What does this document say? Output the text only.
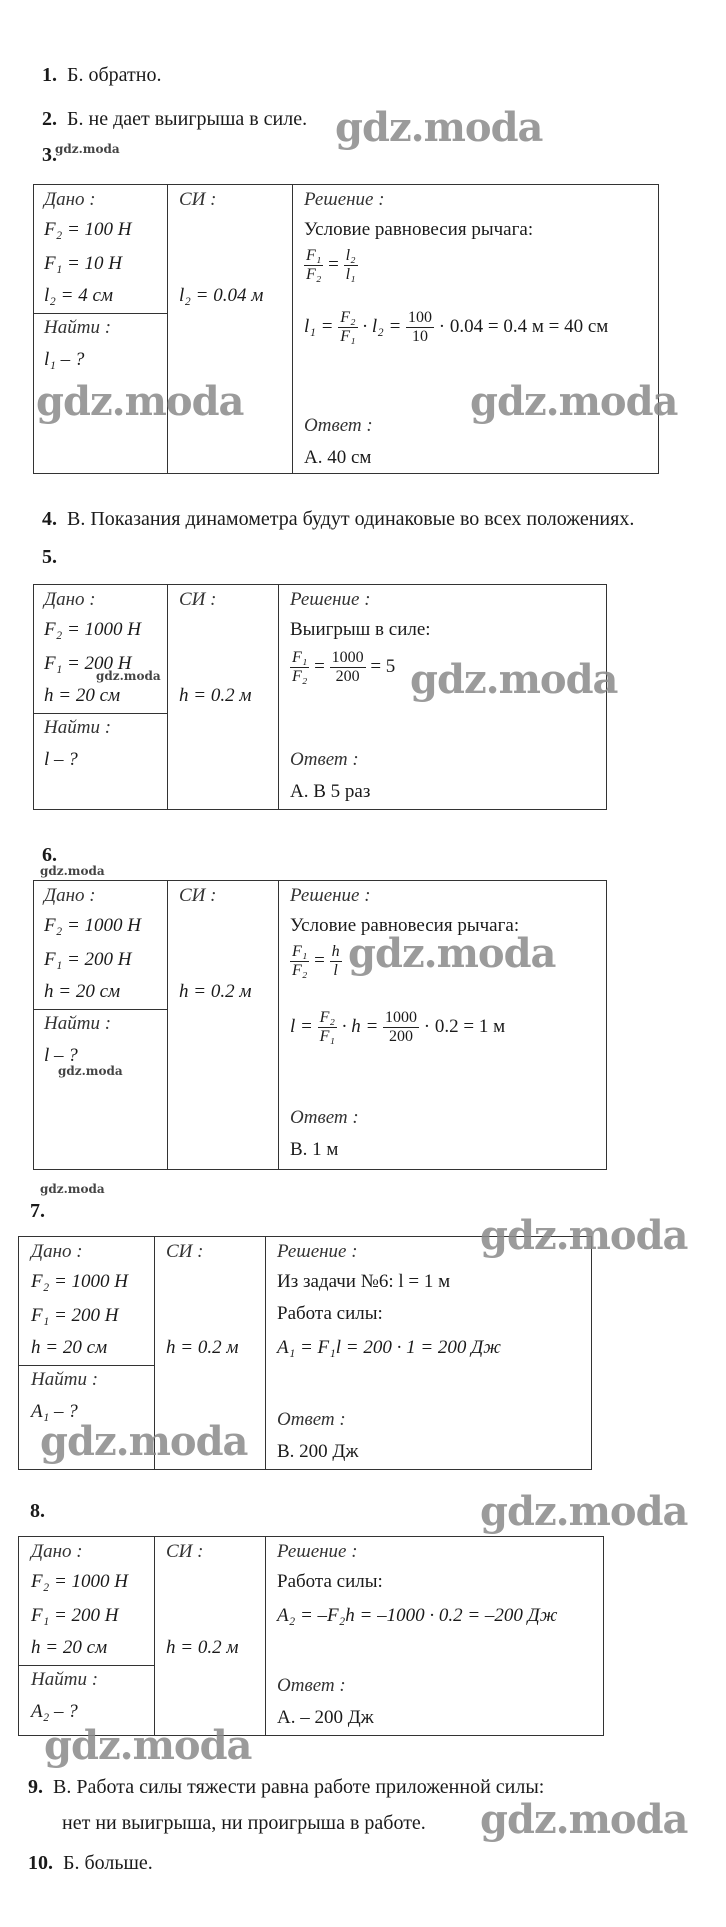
1. Б. обратно.
2. Б. не дает выигрыша в силе.
3.
Дано :
F₂ = 100 Н
F₁ = 10 Н
l₂ = 4 см
Найти :
l₁ – ?
СИ :
l₂ = 0.04 м
Решение :
Условие равновесия рычага:
$\frac{\text{F₁}}{\text{F₂}} = \frac{\text{l₂}}{\text{l₁}}$
$l_1 = \frac{\text{F₂}}{\text{F₁}} \cdot l_2 = \frac{100}{10} \cdot 0.04 = 0.4$ м = 40 см
Ответ :
А. 40 см
4. В. Показания динамометра будут одинаковые во всех положениях.
5.
Дано :
F₂ = 1000 Н
F₁ = 200 Н
h = 20 см
Найти :
l – ?
СИ :
h = 0.2 м
Решение :
Выигрыш в силе:
$\frac{\text{F₁}}{\text{F₂}} = \frac{1000}{200} = 5$
Ответ :
А. В 5 раз
6.
Дано :
F₂ = 1000 Н
F₁ = 200 Н
h = 20 см
Найти :
l – ?
СИ :
h = 0.2 м
Решение :
Условие равновесия рычага:
$\frac{\text{F₁}}{\text{F₂}} = \frac{h}{l}$
$l = \frac{\text{F₂}}{\text{F₁}} \cdot h = \frac{1000}{200} \cdot 0.2 = 1$ м
Ответ :
В. 1 м
7.
Дано :
F₂ = 1000 Н
F₁ = 200 Н
h = 20 см
Найти :
A₁ – ?
СИ :
h = 0.2 м
Решение :
Из задачи №6: l = 1 м
Работа силы:
A₁ = F₁l = 200 · 1 = 200 Дж
Ответ :
В. 200 Дж
8.
Дано :
F₂ = 1000 Н
F₁ = 200 Н
h = 20 см
Найти :
A₂ – ?
СИ :
h = 0.2 м
Решение :
Работа силы:
A₂ = –F₂h = –1000 · 0.2 = –200 Дж
Ответ :
А. – 200 Дж
9. В. Работа силы тяжести равна работе приложенной силы:
нет ни выигрыша, ни проигрыша в работе.
10. Б. больше.
gdz.moda
gdz.moda
gdz.moda	gdz.moda
gdz.moda	gdz.moda
gdz.moda
gdz.moda
gdz.moda
gdz.moda
gdz.moda
gdz.moda
gdz.moda
gdz.moda
gdz.moda
